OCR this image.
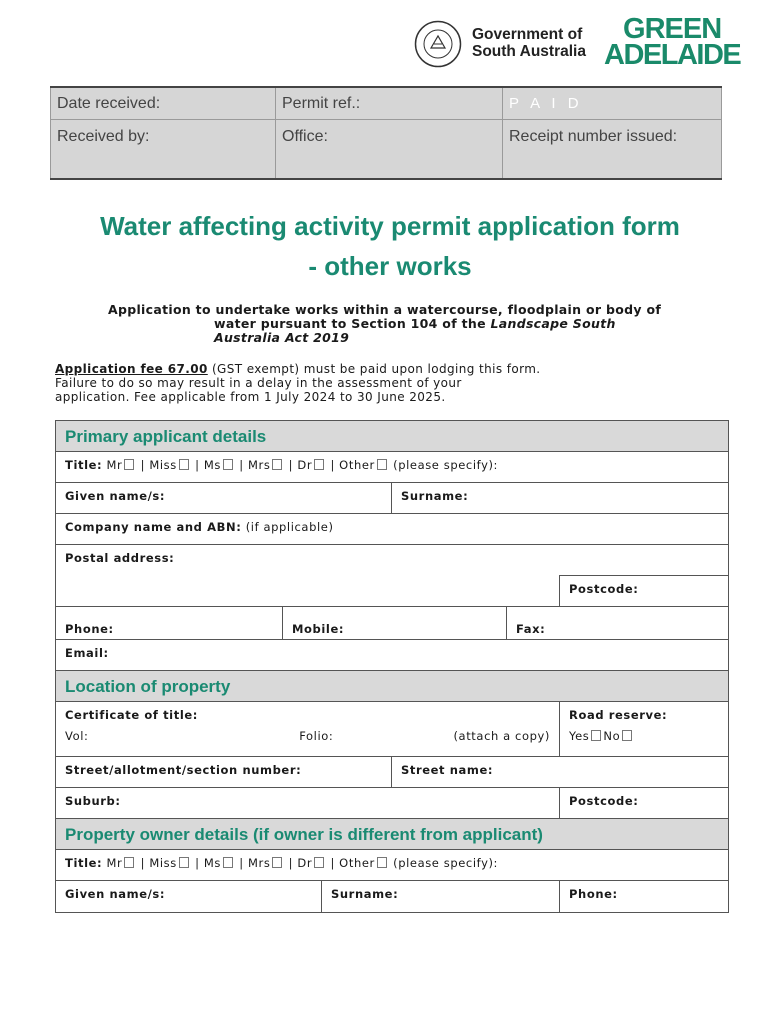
Government of
South Australia
GREEN
ADELAIDE
Date received:	Permit ref.:	P A I D
Received by:	Office:	Receipt number issued:
Water affecting activity permit application form
- other works
Application to undertake works within a watercourse, floodplain or body of
water pursuant to Section 104 of the Landscape South
Australia Act 2019
Application fee 67.00 (GST exempt) must be paid upon lodging this form.
Failure to do so may result in a delay in the assessment of your
application. Fee applicable from 1 July 2024 to 30 June 2025.
Primary applicant details
Title: Mr | Miss | Ms | Mrs | Dr | Other (please specify):
Given name/s:	Surname:
Company name and ABN: (if applicable)
Postal address:
Postcode:
Phone:	Mobile:	Fax:
Email:
Location of property
Certificate of title:
Vol:	Folio:	(attach a copy)
Road reserve:
Yes No
Street/allotment/section number:	Street name:
Suburb:	Postcode:
Property owner details (if owner is different from applicant)
Title: Mr | Miss | Ms | Mrs | Dr | Other (please specify):
Given name/s:	Surname:	Phone:
